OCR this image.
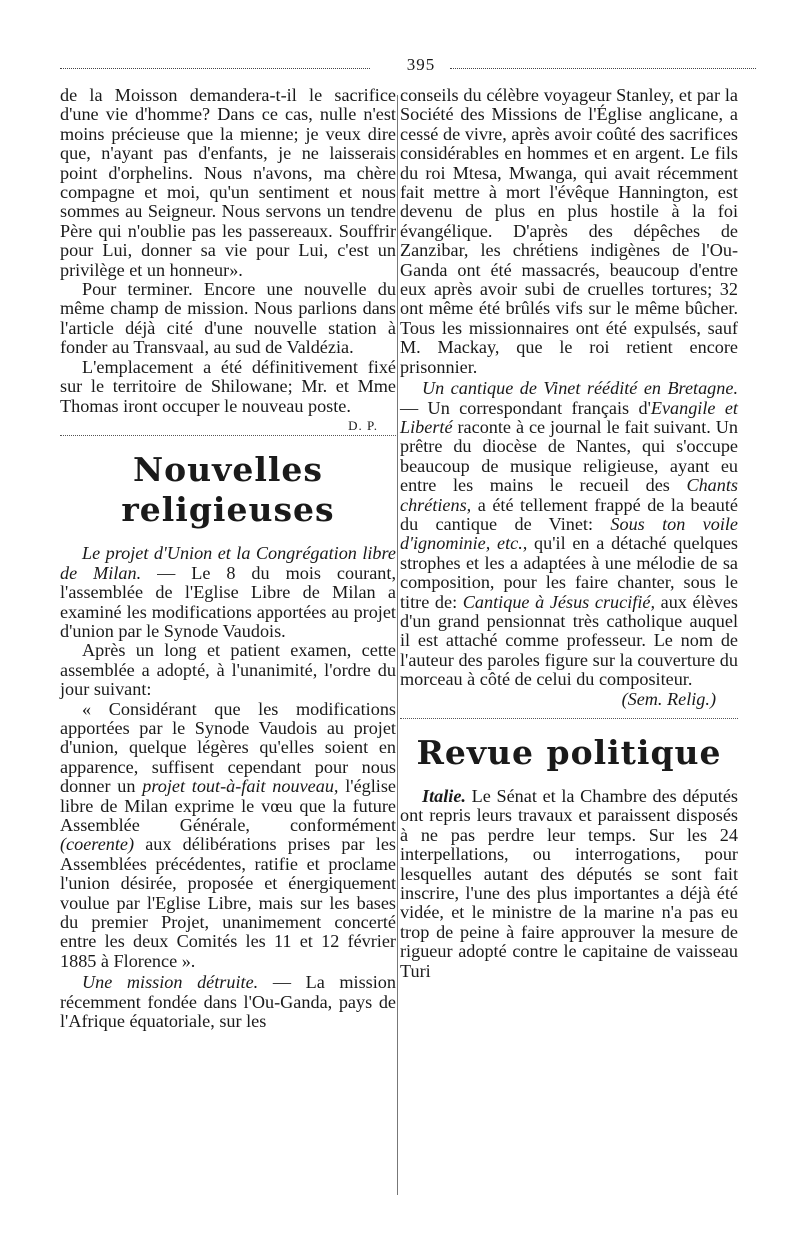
395

de la Moisson demandera-t-il le sacrifice d'une vie d'homme? Dans ce cas, nulle n'est moins précieuse que la mienne; je veux dire que, n'ayant pas d'enfants, je ne laisserais point d'orphelins. Nous n'avons, ma chère compagne et moi, qu'un sentiment et nous sommes au Seigneur. Nous servons un tendre Père qui n'oublie pas les passereaux. Souffrir pour Lui, donner sa vie pour Lui, c'est un privilège et un honneur».

Pour terminer. Encore une nouvelle du même champ de mission. Nous parlions dans l'article déjà cité d'une nouvelle station à fonder au Transvaal, au sud de Valdézia.

L'emplacement a été définitivement fixé sur le territoire de Shilowane; Mr. et Mme Thomas iront occuper le nouveau poste.
D. P.

Nouvelles religieuses

Le projet d'Union et la Congrégation libre de Milan. — Le 8 du mois courant, l'assemblée de l'Eglise Libre de Milan a examiné les modifications apportées au projet d'union par le Synode Vaudois.

Après un long et patient examen, cette assemblée a adopté, à l'unanimité, l'ordre du jour suivant:

« Considérant que les modifications apportées par le Synode Vaudois au projet d'union, quelque légères qu'elles soient en apparence, suffisent cependant pour nous donner un projet tout-à-fait nouveau, l'église libre de Milan exprime le vœu que la future Assemblée Générale, conformément (coerente) aux délibérations prises par les Assemblées précédentes, ratifie et proclame l'union désirée, proposée et énergiquement voulue par l'Eglise Libre, mais sur les bases du premier Projet, unanimement concerté entre les deux Comités les 11 et 12 février 1885 à Florence ».

Une mission détruite. — La mission récemment fondée dans l'Ou-Ganda, pays de l'Afrique équatoriale, sur les

conseils du célèbre voyageur Stanley, et par la Société des Missions de l'Église anglicane, a cessé de vivre, après avoir coûté des sacrifices considérables en hommes et en argent. Le fils du roi Mtesa, Mwanga, qui avait récemment fait mettre à mort l'évêque Hannington, est devenu de plus en plus hostile à la foi évangélique. D'après des dépêches de Zanzibar, les chrétiens indigènes de l'Ou-Ganda ont été massacrés, beaucoup d'entre eux après avoir subi de cruelles tortures; 32 ont même été brûlés vifs sur le même bûcher. Tous les missionnaires ont été expulsés, sauf M. Mackay, que le roi retient encore prisonnier.

Un cantique de Vinet réédité en Bretagne. — Un correspondant français d'Evangile et Liberté raconte à ce journal le fait suivant. Un prêtre du diocèse de Nantes, qui s'occupe beaucoup de musique religieuse, ayant eu entre les mains le recueil des Chants chrétiens, a été tellement frappé de la beauté du cantique de Vinet: Sous ton voile d'ignominie, etc., qu'il en a détaché quelques strophes et les a adaptées à une mélodie de sa composition, pour les faire chanter, sous le titre de: Cantique à Jésus crucifié, aux élèves d'un grand pensionnat très catholique auquel il est attaché comme professeur. Le nom de l'auteur des paroles figure sur la couverture du morceau à côté de celui du compositeur.

(Sem. Relig.)

Revue politique

Italie. Le Sénat et la Chambre des députés ont repris leurs travaux et paraissent disposés à ne pas perdre leur temps. Sur les 24 interpellations, ou interrogations, pour lesquelles autant des députés se sont fait inscrire, l'une des plus importantes a déjà été vidée, et le ministre de la marine n'a pas eu trop de peine à faire approuver la mesure de rigueur adopté contre le capitaine de vaisseau Turi
